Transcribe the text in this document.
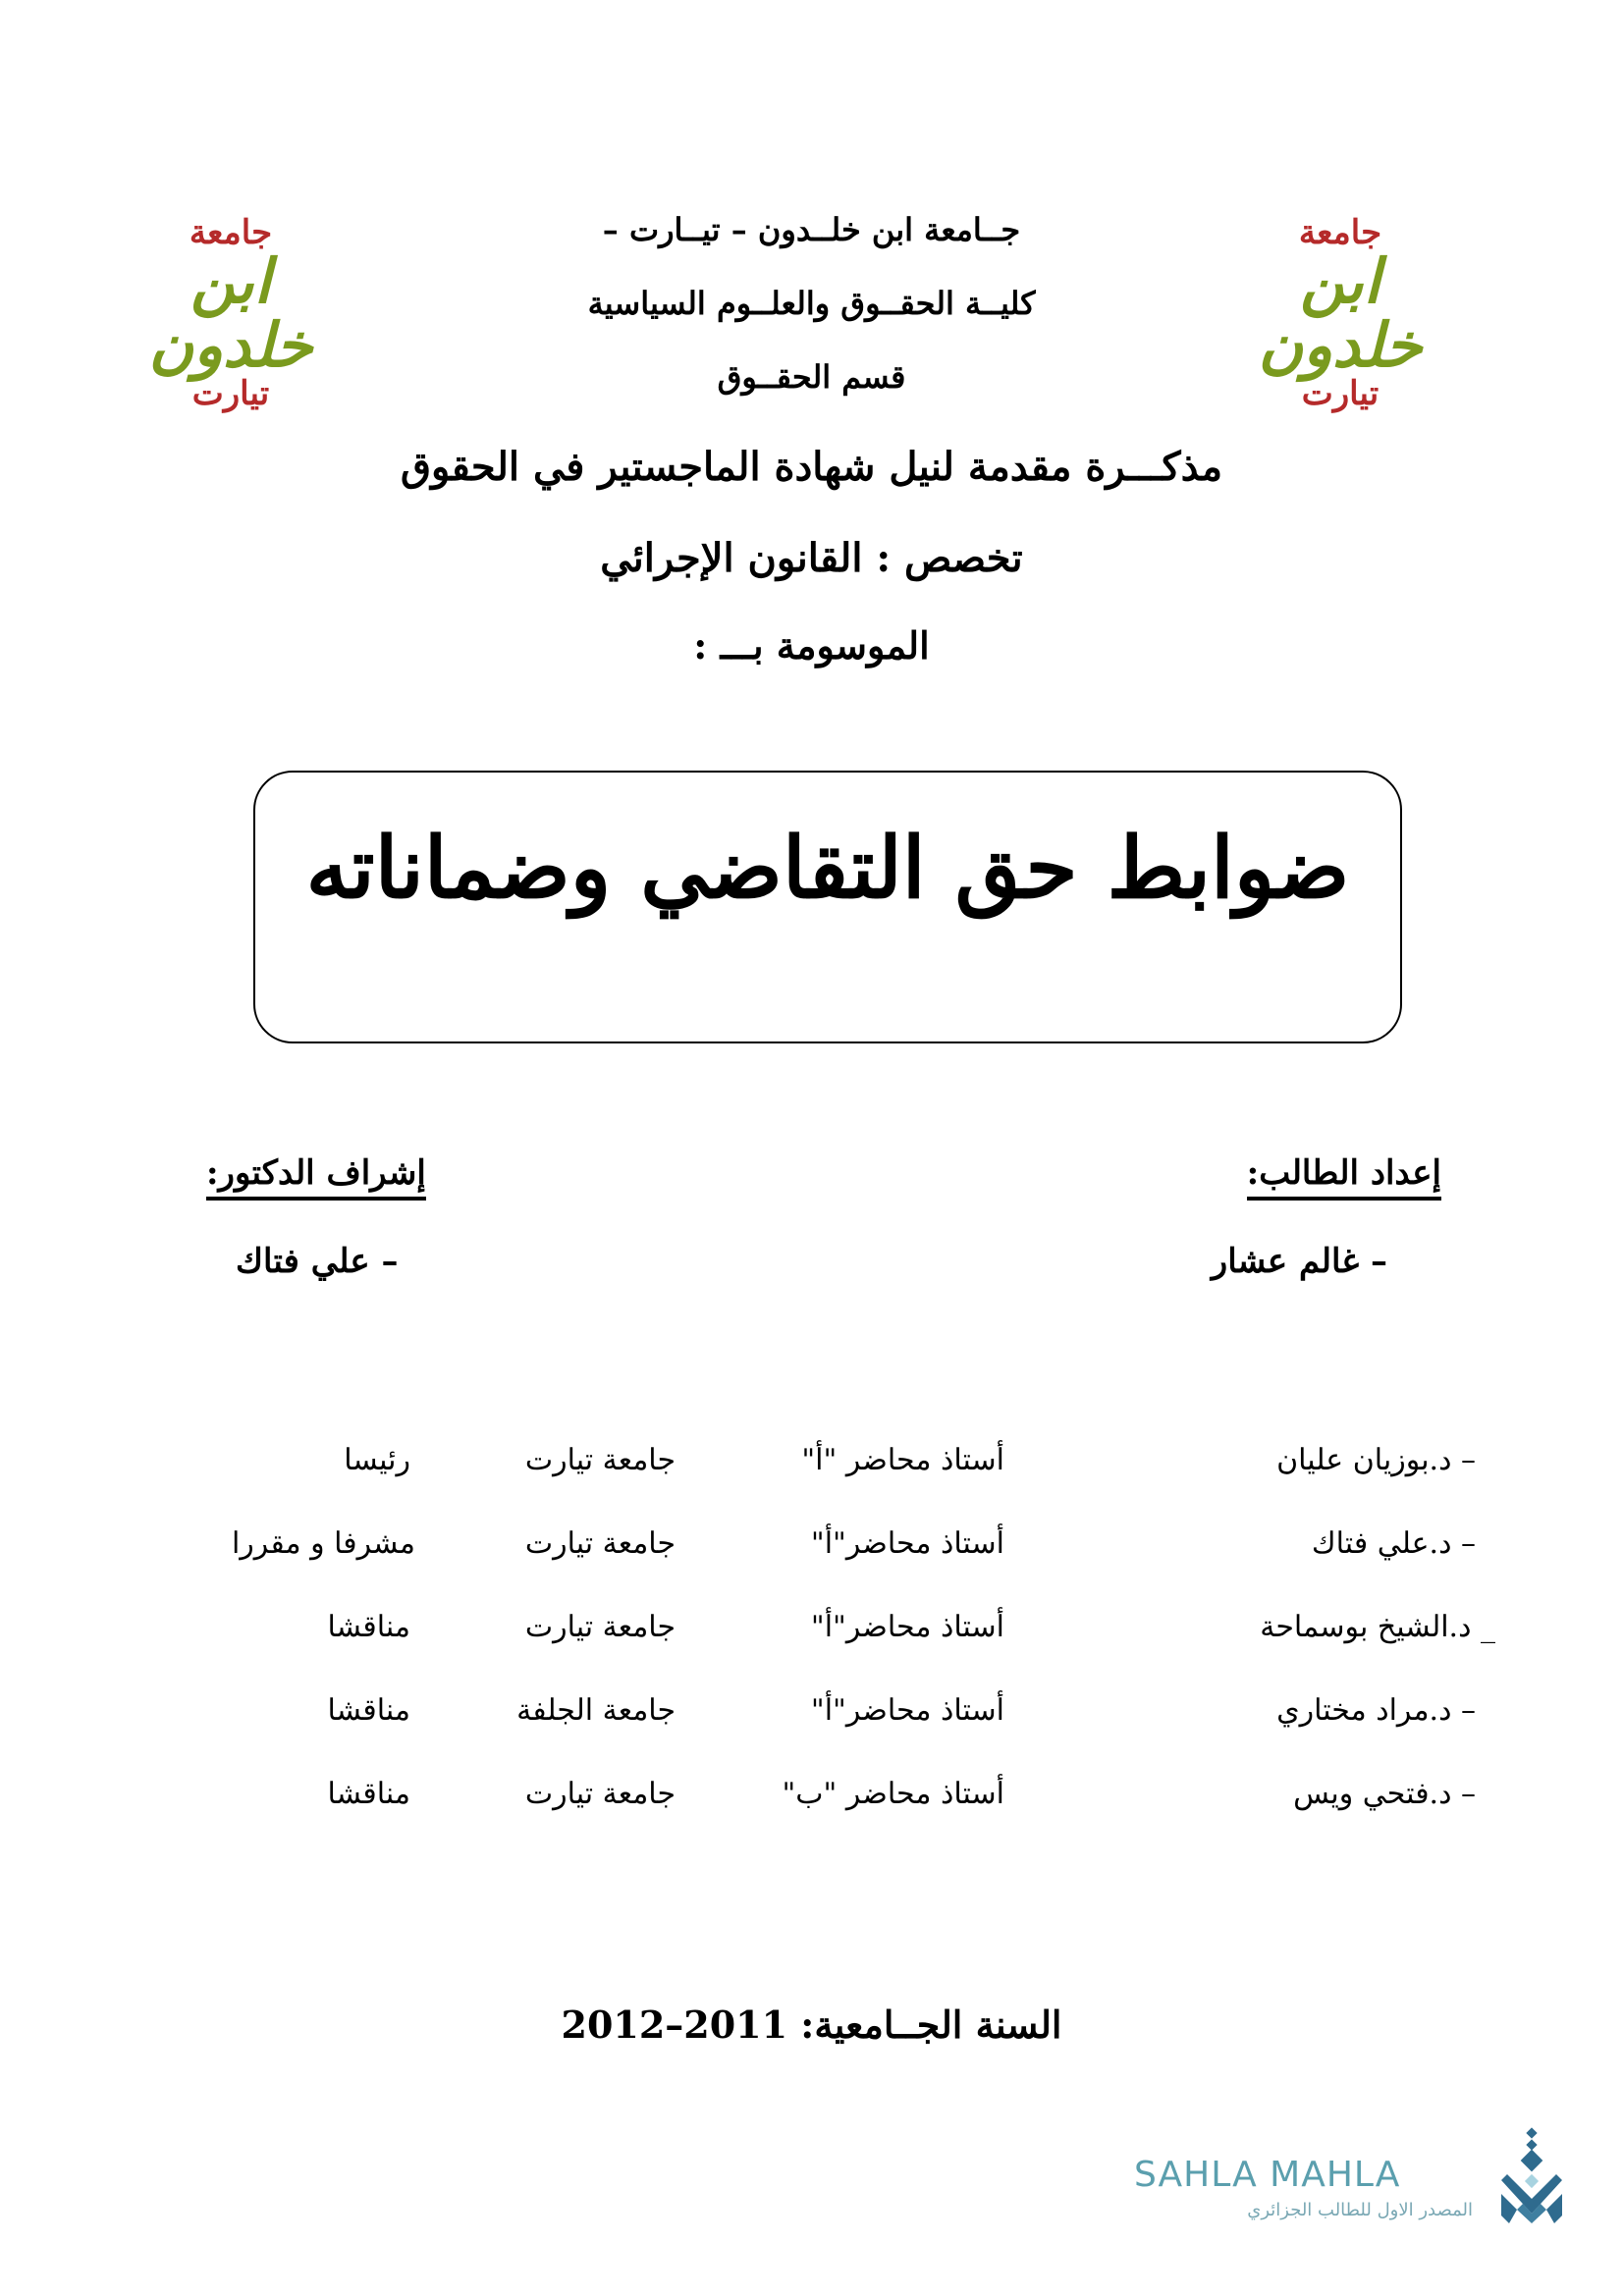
جامعة
ابن خلدون
تيارت
جامعة
ابن خلدون
تيارت
جــامعة ابن خلــدون – تيــارت –
كليــة الحقــوق والعلــوم السياسية
قسم الحقــوق
مذكـــرة مقدمة لنيل شهادة الماجستير في الحقوق
تخصص : القانون الإجرائي
الموسومة بـــ :
ضوابط حق التقاضي وضماناته
إعداد الطالب:
– غالم عشار
إشراف الدكتور:
– علي فتاك
– د.بوزيان عليان
أستاذ محاضر "أ"
جامعة تيارت
رئيسا
– د.علي فتاك
أستاذ محاضر"أ"
جامعة تيارت
مشرفا و مقررا
_ د.الشيخ بوسماحة
أستاذ محاضر"أ"
جامعة تيارت
مناقشا
– د.مراد مختاري
أستاذ محاضر"أ"
جامعة الجلفة
مناقشا
– د.فتحي ويس
أستاذ محاضر "ب"
جامعة تيارت
مناقشا
السنة الجــامعية: 2011–2012
SAHLA MAHLA
المصدر الاول للطالب الجزائري
